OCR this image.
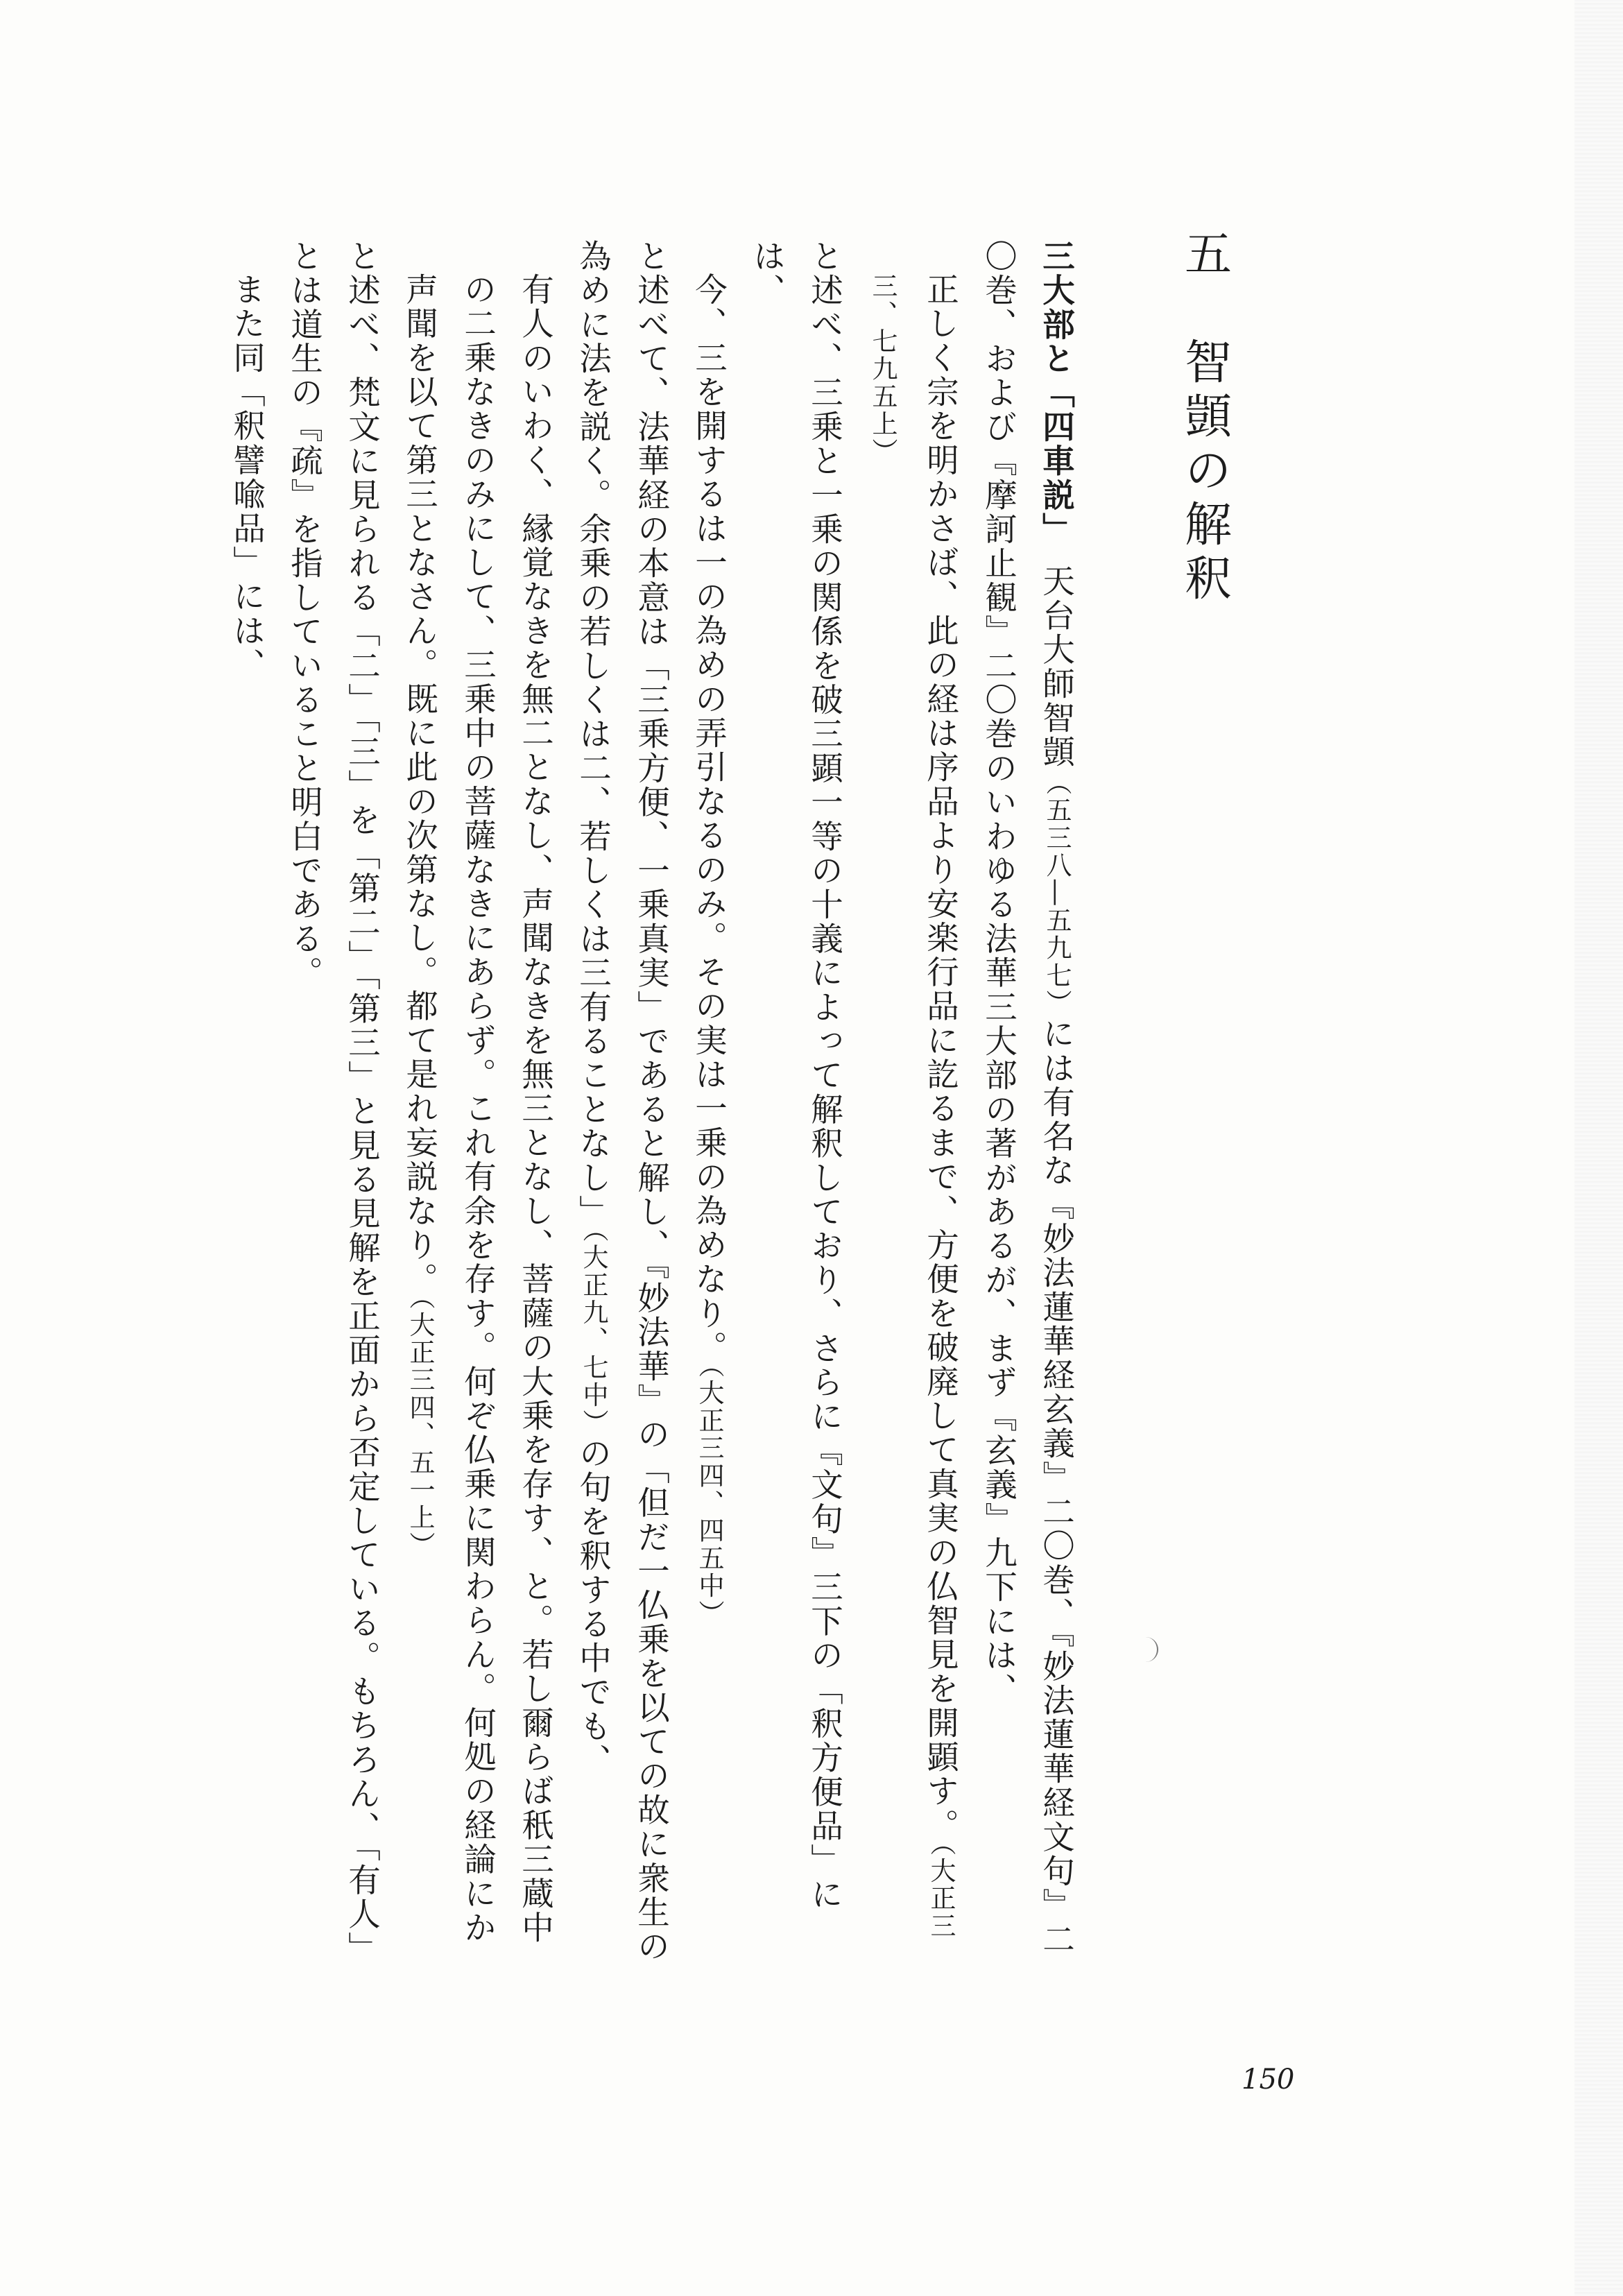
五智顗の解釈

三大部と「四車説」　天台大師智顗（五三八―五九七）には有名な『妙法蓮華経玄義』二〇巻、『妙法蓮華経文句』二〇巻、および『摩訶止観』二〇巻のいわゆる法華三大部の著があるが、まず『玄義』九下には、

正しく宗を明かさば、此の経は序品より安楽行品に訖るまで、方便を破廃して真実の仏智見を開顕す。（大正三三、七九五上）

と述べ、三乗と一乗の関係を破三顕一等の十義によって解釈しており、さらに『文句』三下の「釈方便品」には、

今、三を開するは一の為めの弄引なるのみ。その実は一乗の為めなり。（大正三四、四五中）

と述べて、法華経の本意は「三乗方便、一乗真実」であると解し、『妙法華』の「但だ一仏乗を以ての故に衆生の為めに法を説く。余乗の若しくは二、若しくは三有ることなし」（大正九、七中）の句を釈する中でも、

有人のいわく、縁覚なきを無二となし、声聞なきを無三となし、菩薩の大乗を存す、と。若し爾らば秖三蔵中の二乗なきのみにして、三乗中の菩薩なきにあらず。これ有余を存す。何ぞ仏乗に関わらん。何処の経論にか声聞を以て第三となさん。既に此の次第なし。都て是れ妄説なり。（大正三四、五一上）

と述べ、梵文に見られる「二」「三」を「第二」「第三」と見る見解を正面から否定している。もちろん、「有人」とは道生の『疏』を指していること明白である。

また同「釈譬喩品」には、

150
